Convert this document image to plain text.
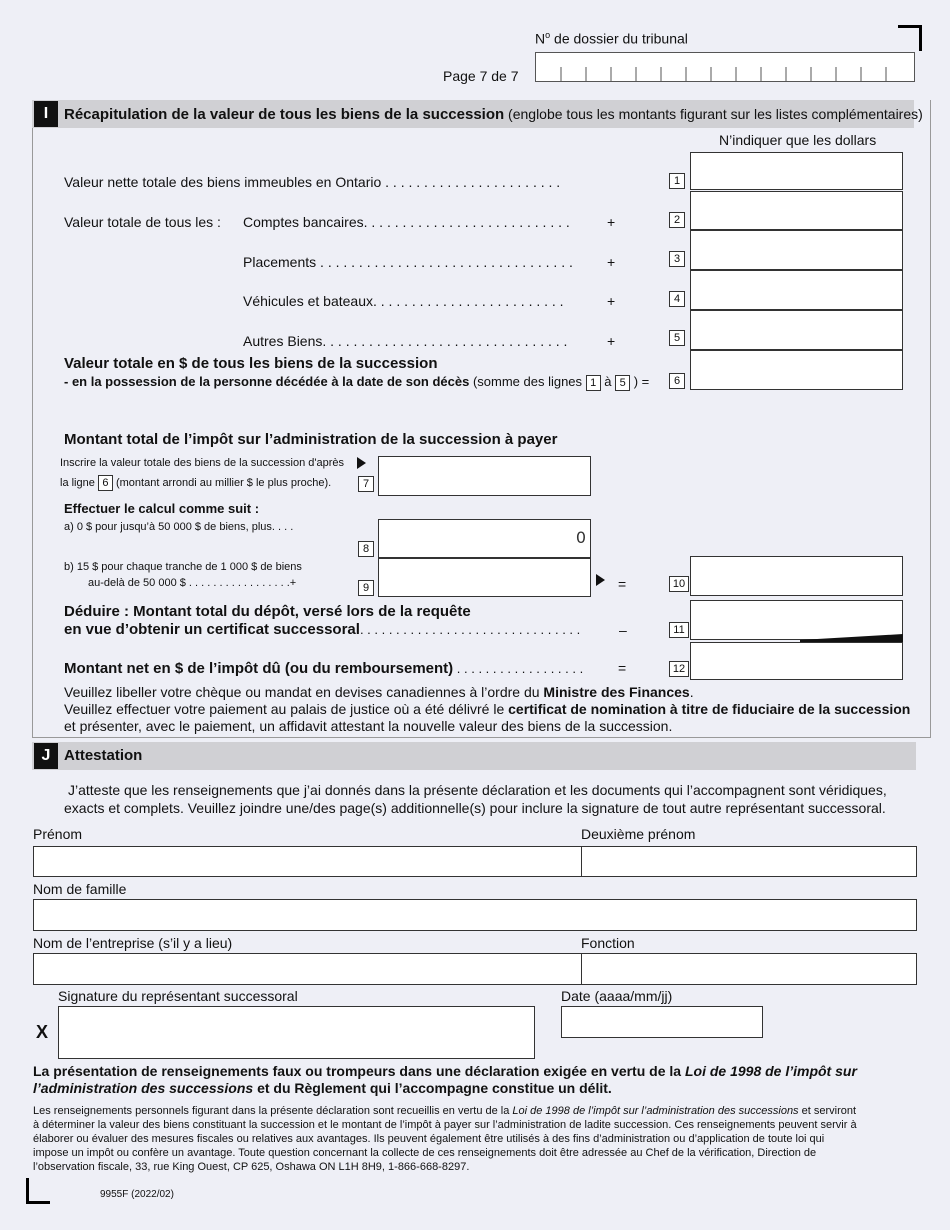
$N^o$ de dossier du tribunal
Page 7 de 7
I	Récapitulation de la valeur de tous les biens de la succession (englobe tous les montants figurant sur les listes complémentaires)
N’indiquer que les dollars
Valeur nette totale des biens immeubles en Ontario . . . . . . . . . . . . . . . . . . . . . . .	1
Valeur totale de tous les : Comptes bancaires. . . . . . . . . . . . . . . . . . . . . . . . . . .	+	2
Placements . . . . . . . . . . . . . . . . . . . . . . . . . . . . . . . . . +	3
Véhicules et bateaux. . . . . . . . . . . . . . . . . . . . . . . . .	+	4
Autres Biens. . . . . . . . . . . . . . . . . . . . . . . . . . . . . . . .	+	5
Valeur totale en $ de tous les biens de la succession
- en la possession de la personne décédée à la date de son décès (somme des lignes 1 à 5 ) =	6
Montant total de l’impôt sur l’administration de la succession à payer
Inscrire la valeur totale des biens de la succession d'après
la ligne 6 (montant arrondi au millier $ le plus proche).	7
Effectuer le calcul comme suit :
a) 0 $ pour jusqu’à 50 000 $ de biens, plus. . . .
8
0
b) 15 $ pour chaque tranche de 1 000 $ de biens
au-delà de 50 000 $ . . . . . . . . . . . . . . . . .+	9	=	10
Déduire : Montant total du dépôt, versé lors de la requête
en vue d’obtenir un certificat successoral. . . . . . . . . . . . . . . . . . . . . . . . . . . . . . .	–	11
Montant net en $ de l’impôt dû (ou du remboursement) . . . . . . . . . . . . . . . . . . =	12
Veuillez libeller votre chèque ou mandat en devises canadiennes à l’ordre du Ministre des Finances.
Veuillez effectuer votre paiement au palais de justice où a été délivré le certificat de nomination à titre de fiduciaire de la succession
et présenter, avec le paiement, un affidavit attestant la nouvelle valeur des biens de la succession.
J Attestation
J’atteste que les renseignements que j’ai donnés dans la présente déclaration et les documents qui l’accompagnent sont véridiques,
exacts et complets. Veuillez joindre une/des page(s) additionnelle(s) pour inclure la signature de tout autre représentant successoral.
Prénom	Deuxième prénom
Nom de famille
Nom de l’entreprise (s’il y a lieu)	Fonction
Signature du représentant successoral	Date (aaaa/mm/jj)
X
La présentation de renseignements faux ou trompeurs dans une déclaration exigée en vertu de la Loi de 1998 de l’impôt sur
l’administration des successions et du Règlement qui l’accompagne constitue un délit.
Les renseignements personnels figurant dans la présente déclaration sont recueillis en vertu de la Loi de 1998 de l’impôt sur l’administration des successions et serviront
à déterminer la valeur des biens constituant la succession et le montant de l’impôt à payer sur l’administration de ladite succession. Ces renseignements peuvent servir à
élaborer ou évaluer des mesures fiscales ou relatives aux avantages. Ils peuvent également être utilisés à des fins d’administration ou d’application de toute loi qui
impose un impôt ou confère un avantage. Toute question concernant la collecte de ces renseignements doit être adressée au Chef de la vérification, Direction de
l’observation fiscale, 33, rue King Ouest, CP 625, Oshawa ON L1H 8H9, 1-866-668-8297.
9955F (2022/02)
